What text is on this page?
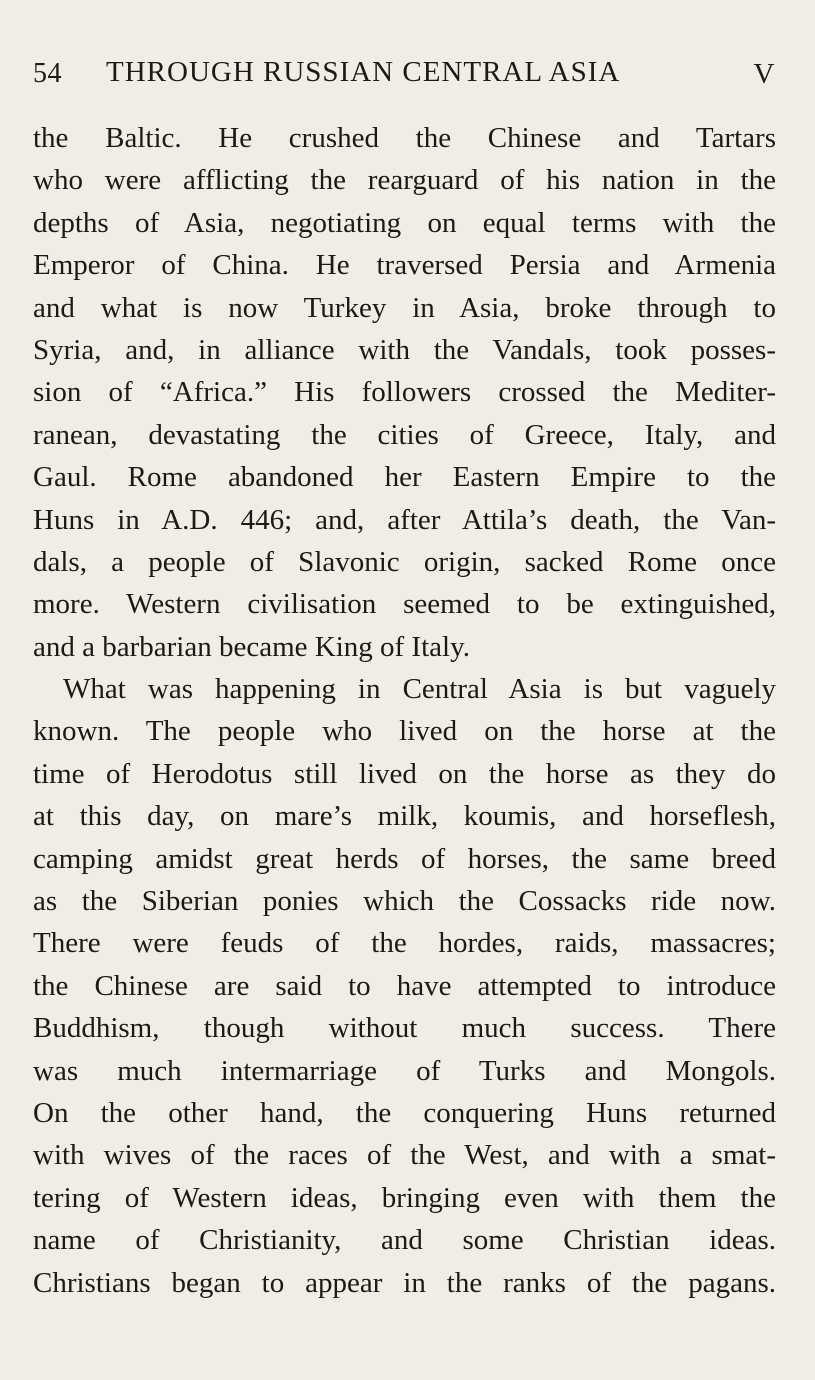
54 THROUGH RUSSIAN CENTRAL ASIA	V
the Baltic. He crushed the Chinese and Tartars
who were afflicting the rearguard of his nation in the
depths of Asia, negotiating on equal terms with the
Emperor of China. He traversed Persia and Armenia
and what is now Turkey in Asia, broke through to
Syria, and, in alliance with the Vandals, took posses-
sion of “Africa.” His followers crossed the Mediter-
ranean, devastating the cities of Greece, Italy, and
Gaul. Rome abandoned her Eastern Empire to the
Huns in A.D. 446; and, after Attila’s death, the Van-
dals, a people of Slavonic origin, sacked Rome once
more. Western civilisation seemed to be extinguished,
and a barbarian became King of Italy.
What was happening in Central Asia is but vaguely
known. The people who lived on the horse at the
time of Herodotus still lived on the horse as they do
at this day, on mare’s milk, koumis, and horseflesh,
camping amidst great herds of horses, the same breed
as the Siberian ponies which the Cossacks ride now.
There were feuds of the hordes, raids, massacres;
the Chinese are said to have attempted to introduce
Buddhism, though without much success. There
was much intermarriage of Turks and Mongols.
On the other hand, the conquering Huns returned
with wives of the races of the West, and with a smat-
tering of Western ideas, bringing even with them the
name of Christianity, and some Christian ideas.
Christians began to appear in the ranks of the pagans.
